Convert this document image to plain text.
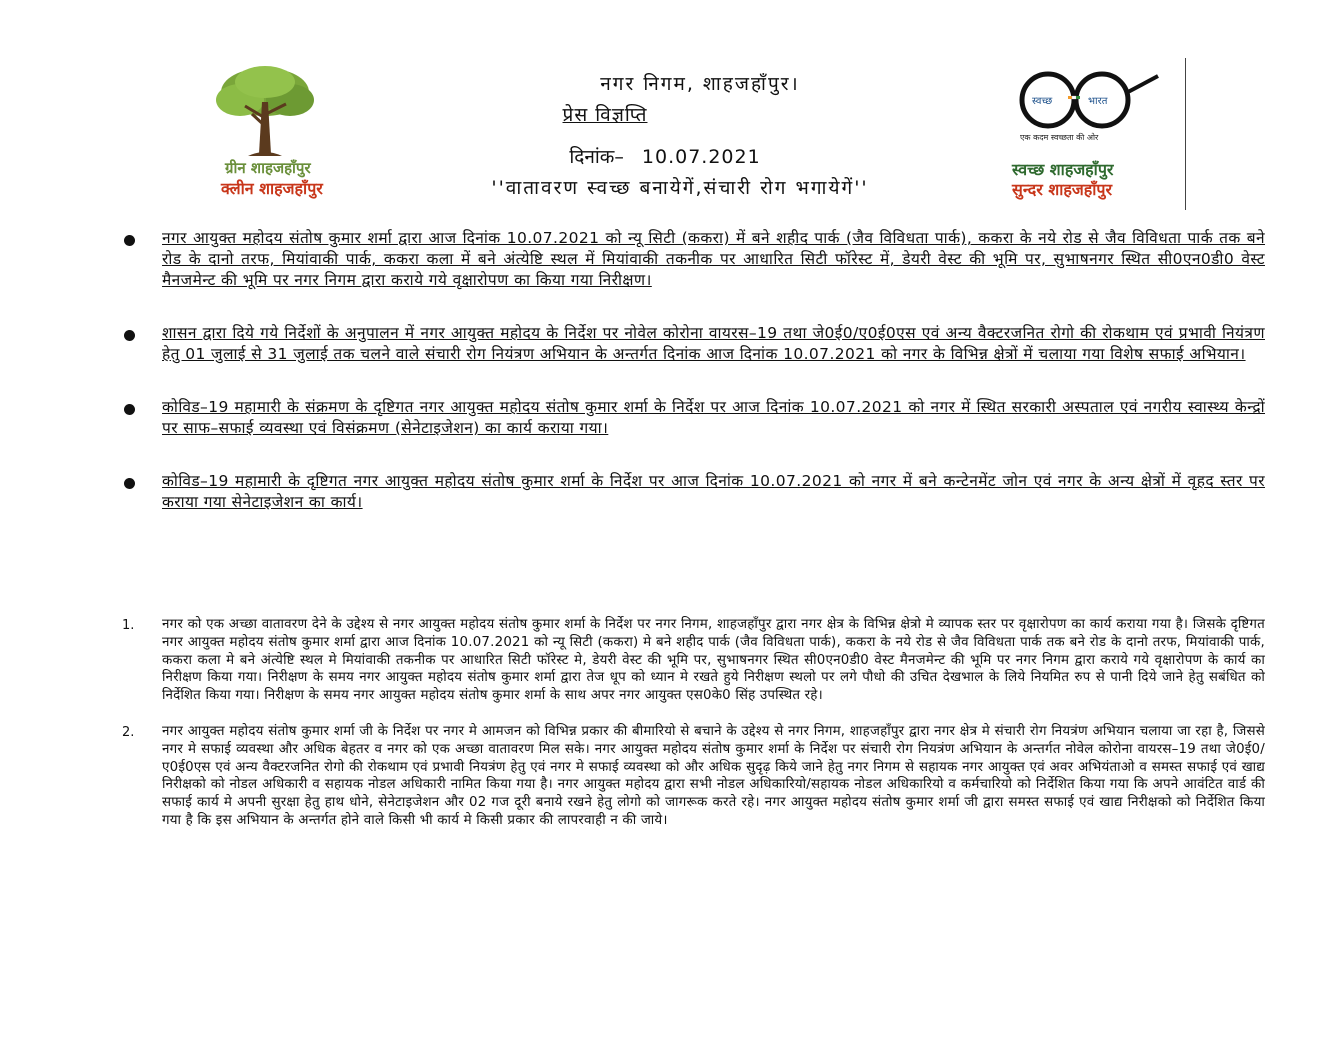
ग्रीन शाहजहाँपुर
क्लीन शाहजहाँपुर
नगर निगम, शाहजहाँपुर।
प्रेस विज्ञप्ति
दिनांक– 10.07.2021
''वातावरण स्वच्छ बनायेगें,संचारी रोग भगायेगें''
स्वच्छ	भारत
एक कदम स्वच्छता की ओर
स्वच्छ शाहजहाँपुर
सुन्दर शाहजहाँपुर
नगर आयुक्त महोदय संतोष कुमार शर्मा द्वारा आज दिनांक 10.07.2021 को न्यू सिटी (ककरा) में बने शहीद पार्क (जैव विविधता पार्क), ककरा के नये रोड से जैव विविधता पार्क तक बने रोड के दानो तरफ, मियांवाकी पार्क, ककरा कला में बने अंत्येष्टि स्थल में मियांवाकी तकनीक पर आधारित सिटी फॉरेस्ट में, डेयरी वेस्ट की भूमि पर, सुभाषनगर स्थित सी0एन0डी0 वेस्ट मैनजमेन्ट की भूमि पर नगर निगम द्वारा कराये गये वृक्षारोपण का किया गया निरीक्षण।
शासन द्वारा दिये गये निर्देशों के अनुपालन में नगर आयुक्त महोदय के निर्देश पर नोवेल कोरोना वायरस–19 तथा जे0ई0/ए0ई0एस एवं अन्य वैक्टरजनित रोगो की रोकथाम एवं प्रभावी नियंत्रण हेतु 01 जुलाई से 31 जुलाई तक चलने वाले संचारी रोग नियंत्रण अभियान के अन्तर्गत दिनांक आज दिनांक 10.07.2021 को नगर के विभिन्न क्षेत्रों में चलाया गया विशेष सफाई अभियान।
कोविड–19 महामारी के संक्रमण के दृष्टिगत नगर आयुक्त महोदय संतोष कुमार शर्मा के निर्देश पर आज दिनांक 10.07.2021 को नगर में स्थित सरकारी अस्पताल एवं नगरीय स्वास्थ्य केन्द्रों पर साफ–सफाई व्यवस्था एवं विसंक्रमण (सेनेटाइजेशन) का कार्य कराया गया।
कोविड–19 महामारी के दृष्टिगत नगर आयुक्त महोदय संतोष कुमार शर्मा के निर्देश पर आज दिनांक 10.07.2021 को नगर में बने कन्टेनमेंट जोन एवं नगर के अन्य क्षेत्रों में वृहद स्तर पर कराया गया सेनेटाइजेशन का कार्य।
1. नगर को एक अच्छा वातावरण देने के उद्देश्य से नगर आयुक्त महोदय संतोष कुमार शर्मा के निर्देश पर नगर निगम, शाहजहाँपुर द्वारा नगर क्षेत्र के विभिन्न क्षेत्रो मे व्यापक स्तर पर वृक्षारोपण का कार्य कराया गया है। जिसके दृष्टिगत नगर आयुक्त महोदय संतोष कुमार शर्मा द्वारा आज दिनांक 10.07.2021 को न्यू सिटी (ककरा) मे बने शहीद पार्क (जैव विविधता पार्क), ककरा के नये रोड से जैव विविधता पार्क तक बने रोड के दानो तरफ, मियांवाकी पार्क, ककरा कला मे बने अंत्येष्टि स्थल मे मियांवाकी तकनीक पर आधारित सिटी फॉरेस्ट मे, डेयरी वेस्ट की भूमि पर, सुभाषनगर स्थित सी0एन0डी0 वेस्ट मैनजमेन्ट की भूमि पर नगर निगम द्वारा कराये गये वृक्षारोपण के कार्य का निरीक्षण किया गया। निरीक्षण के समय नगर आयुक्त महोदय संतोष कुमार शर्मा द्वारा तेज धूप को ध्यान मे रखते हुये निरीक्षण स्थलो पर लगे पौधो की उचित देखभाल के लिये नियमित रुप से पानी दिये जाने हेतु सबंधित को निर्देशित किया गया। निरीक्षण के समय नगर आयुक्त महोदय संतोष कुमार शर्मा के साथ अपर नगर आयुक्त एस0के0 सिंह उपस्थित रहे।
2. नगर आयुक्त महोदय संतोष कुमार शर्मा जी के निर्देश पर नगर मे आमजन को विभिन्न प्रकार की बीमारियो से बचाने के उद्देश्य से नगर निगम, शाहजहाँपुर द्वारा नगर क्षेत्र मे संचारी रोग नियत्रंण अभियान चलाया जा रहा है, जिससे नगर मे सफाई व्यवस्था और अधिक बेहतर व नगर को एक अच्छा वातावरण मिल सके। नगर आयुक्त महोदय संतोष कुमार शर्मा के निर्देश पर संचारी रोग नियत्रंण अभियान के अन्तर्गत नोवेल कोरोना वायरस–19 तथा जे0ई0/ए0ई0एस एवं अन्य वैक्टरजनित रोगो की रोकथाम एवं प्रभावी नियत्रंण हेतु एवं नगर मे सफाई व्यवस्था को और अधिक सुदृढ़ किये जाने हेतु नगर निगम से सहायक नगर आयुक्त एवं अवर अभियंताओ व समस्त सफाई एवं खाद्य निरीक्षको को नोडल अधिकारी व सहायक नोडल अधिकारी नामित किया गया है। नगर आयुक्त महोदय द्वारा सभी नोडल अधिकारियो/सहायक नोडल अधिकारियो व कर्मचारियो को निर्देशित किया गया कि अपने आवंटित वार्ड की सफाई कार्य मे अपनी सुरक्षा हेतु हाथ धोने, सेनेटाइजेशन और 02 गज दूरी बनाये रखने हेतु लोगो को जागरूक करते रहे। नगर आयुक्त महोदय संतोष कुमार शर्मा जी द्वारा समस्त सफाई एवं खाद्य निरीक्षको को निर्देशित किया गया है कि इस अभियान के अन्तर्गत होने वाले किसी भी कार्य मे किसी प्रकार की लापरवाही न की जाये।
